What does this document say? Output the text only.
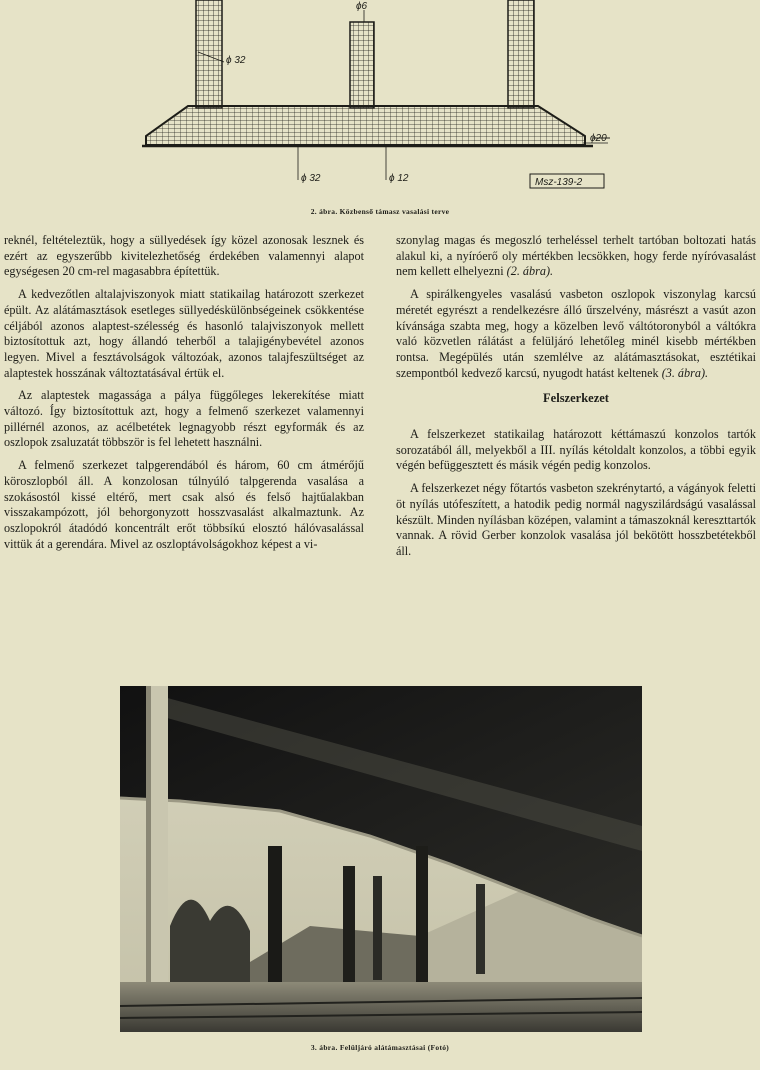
ϕ6
ϕ 32
ϕ20
ϕ 32	ϕ 12	Msz-139-2
2. ábra. Közbenső támasz vasalási terve

reknél, feltételeztük, hogy a süllyedések így közel azonosak lesznek és ezért az egyszerűbb kivitelezhetőség érdekében valamennyi alapot egységesen 20 cm-rel magasabbra építettük.

A kedvezőtlen altalajviszonyok miatt statikailag határozott szerkezet épült. Az alátámasztások esetleges süllyedéskülönbségeinek csökkentése céljából azonos alaptest-szélesség és hasonló talajviszonyok mellett biztosítottuk azt, hogy állandó teherből a talajigénybevétel azonos legyen. Mivel a fesztávolságok változóak, azonos talajfeszültséget az alaptestek hosszának változtatásával értük el.

Az alaptestek magassága a pálya függőleges lekerekítése miatt változó. Így biztosítottuk azt, hogy a felmenő szerkezet valamennyi pillérnél azonos, az acélbetétek legnagyobb részt egyformák és az oszlopok zsaluzatát többször is fel lehetett használni.

A felmenő szerkezet talpgerendából és három, 60 cm átmérőjű köroszlopból áll. A konzolosan túlnyúló talpgerenda vasalása a szokásostól kissé eltérő, mert csak alsó és felső hajtűalakban visszakampózott, jól behorgonyzott hosszvasalást alkalmaztunk. Az oszlopokról átadódó koncentrált erőt többsíkú elosztó hálóvasalással vittük át a gerendára. Mivel az oszloptávolságokhoz képest a vi-

szonylag magas és megoszló terheléssel terhelt tartóban boltozati hatás alakul ki, a nyíróerő oly mértékben lecsökken, hogy ferde nyíróvasalást nem kellett elhelyezni (2. ábra).

A spirálkengyeles vasalású vasbeton oszlopok viszonylag karcsú méretét egyrészt a rendelkezésre álló űrszelvény, másrészt a vasút azon kívánsága szabta meg, hogy a közelben levő váltótoronyból a váltókra való közvetlen rálátást a felüljáró lehetőleg minél kisebb mértékben rontsa. Megépülés után szemlélve az alátámasztásokat, esztétikai szempontból kedvező karcsú, nyugodt hatást keltenek (3. ábra).

Felszerkezet

A felszerkezet statikailag határozott kéttámaszú konzolos tartók sorozatából áll, melyekből a III. nyílás kétoldalt konzolos, a többi egyik végén befüggesztett és másik végén pedig konzolos.

A felszerkezet négy főtartós vasbeton szekrénytartó, a vágányok feletti öt nyílás utófeszített, a hatodik pedig normál nagyszilárdságú vasalással készült. Minden nyílásban középen, valamint a támaszoknál kereszttartók vannak. A rövid Gerber konzolok vasalása jól bekötött hosszbetétekből áll.

3. ábra. Felüljáró alátámasztásai (Fotó)
